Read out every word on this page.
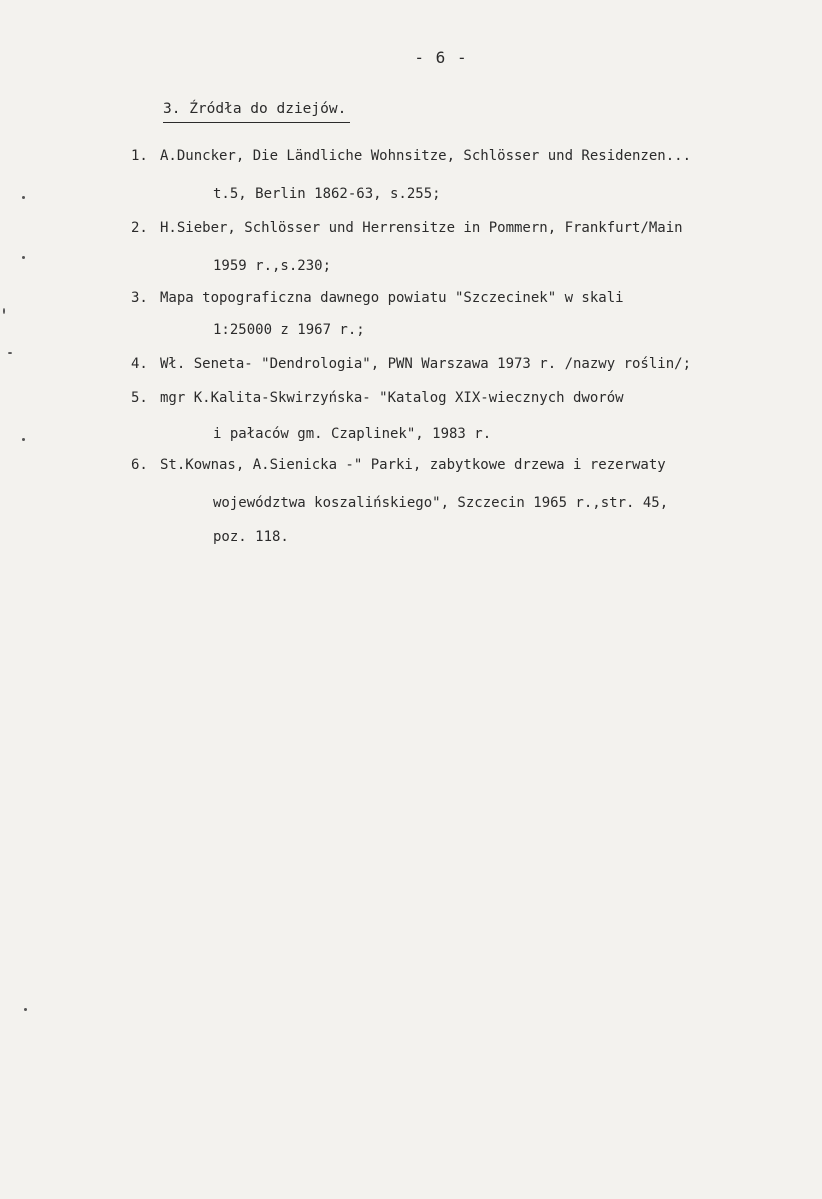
- 6 -
3. Źródła do dziejów.
1. A.Duncker, Die Ländliche Wohnsitze, Schlösser und Residenzen...
t.5, Berlin 1862-63, s.255;
2. H.Sieber, Schlösser und Herrensitze in Pommern, Frankfurt/Main
1959 r.,s.230;
3. Mapa topograficzna dawnego powiatu "Szczecinek" w skali
1:25000 z 1967 r.;
4. Wł. Seneta- "Dendrologia", PWN Warszawa 1973 r. /nazwy roślin/;
5. mgr K.Kalita-Skwirzyńska- "Katalog XIX-wiecznych dworów
i pałaców gm. Czaplinek", 1983 r.
6. St.Kownas, A.Sienicka -" Parki, zabytkowe drzewa i rezerwaty
województwa koszalińskiego", Szczecin 1965 r.,str. 45,
poz. 118.
